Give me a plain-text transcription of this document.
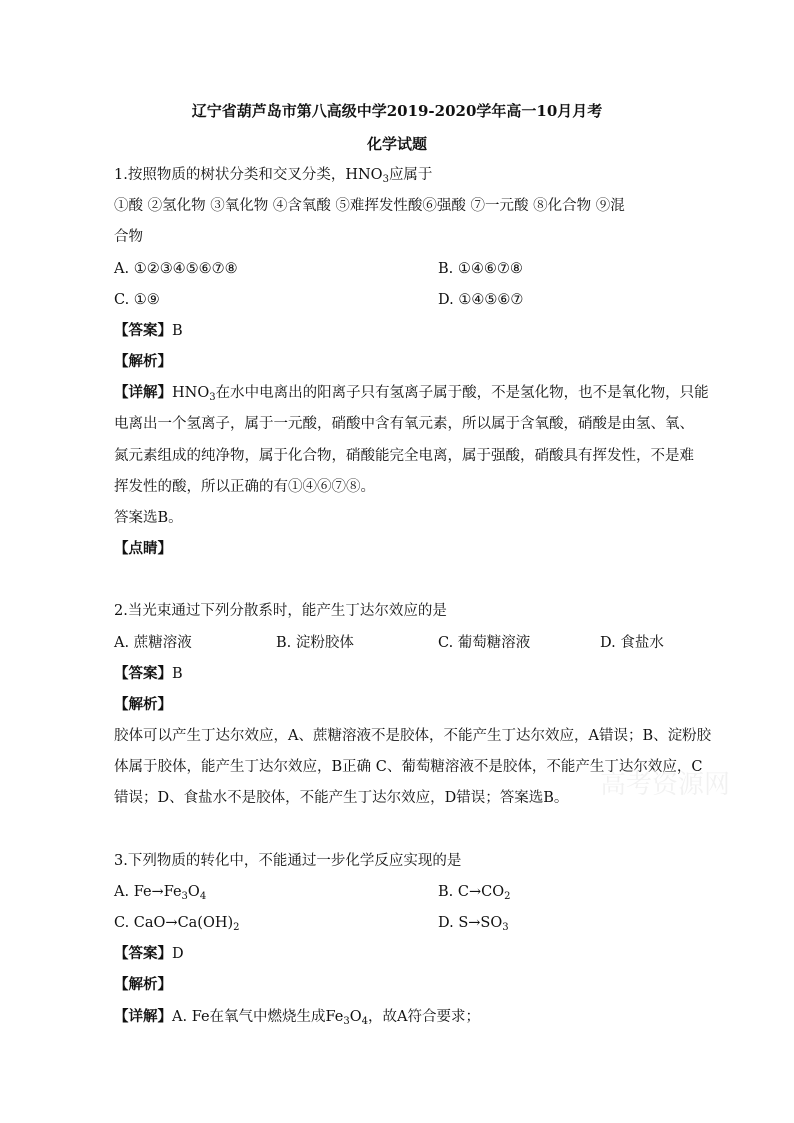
高考资源网
辽宁省葫芦岛市第八高级中学2019-2020学年高一10月月考
化学试题
1.按照物质的树状分类和交叉分类，$HNO_3$应属于
①酸 ②氢化物 ③氧化物 ④含氧酸 ⑤难挥发性酸⑥强酸 ⑦一元酸 ⑧化合物 ⑨混
合物
A. ①②③④⑤⑥⑦⑧	B. ①④⑥⑦⑧
C. ①⑨	D. ①④⑤⑥⑦
【答案】B
【解析】
【详解】$HNO_3$在水中电离出的阳离子只有氢离子属于酸，不是氢化物，也不是氧化物，只能
电离出一个氢离子，属于一元酸，硝酸中含有氧元素，所以属于含氧酸，硝酸是由氢、氧、
氮元素组成的纯净物，属于化合物，硝酸能完全电离，属于强酸，硝酸具有挥发性，不是难
挥发性的酸，所以正确的有①④⑥⑦⑧。
答案选B。
【点睛】
2.当光束通过下列分散系时，能产生丁达尔效应的是
A. 蔗糖溶液	B. 淀粉胶体	C. 葡萄糖溶液	D. 食盐水
【答案】B
【解析】
胶体可以产生丁达尔效应，A、蔗糖溶液不是胶体，不能产生丁达尔效应，A错误；B、淀粉胶
体属于胶体，能产生丁达尔效应，B正确 C、葡萄糖溶液不是胶体，不能产生丁达尔效应，C
错误；D、食盐水不是胶体，不能产生丁达尔效应，D错误；答案选B。
3.下列物质的转化中，不能通过一步化学反应实现的是
A. $Fe\to Fe_3O_4$	B. $C\to CO_2$
C. $CaO\to Ca(OH)_2$	D. $S\to SO_3$
【答案】D
【解析】
【详解】A. Fe在氧气中燃烧生成$Fe_3O_4$，故A符合要求；
